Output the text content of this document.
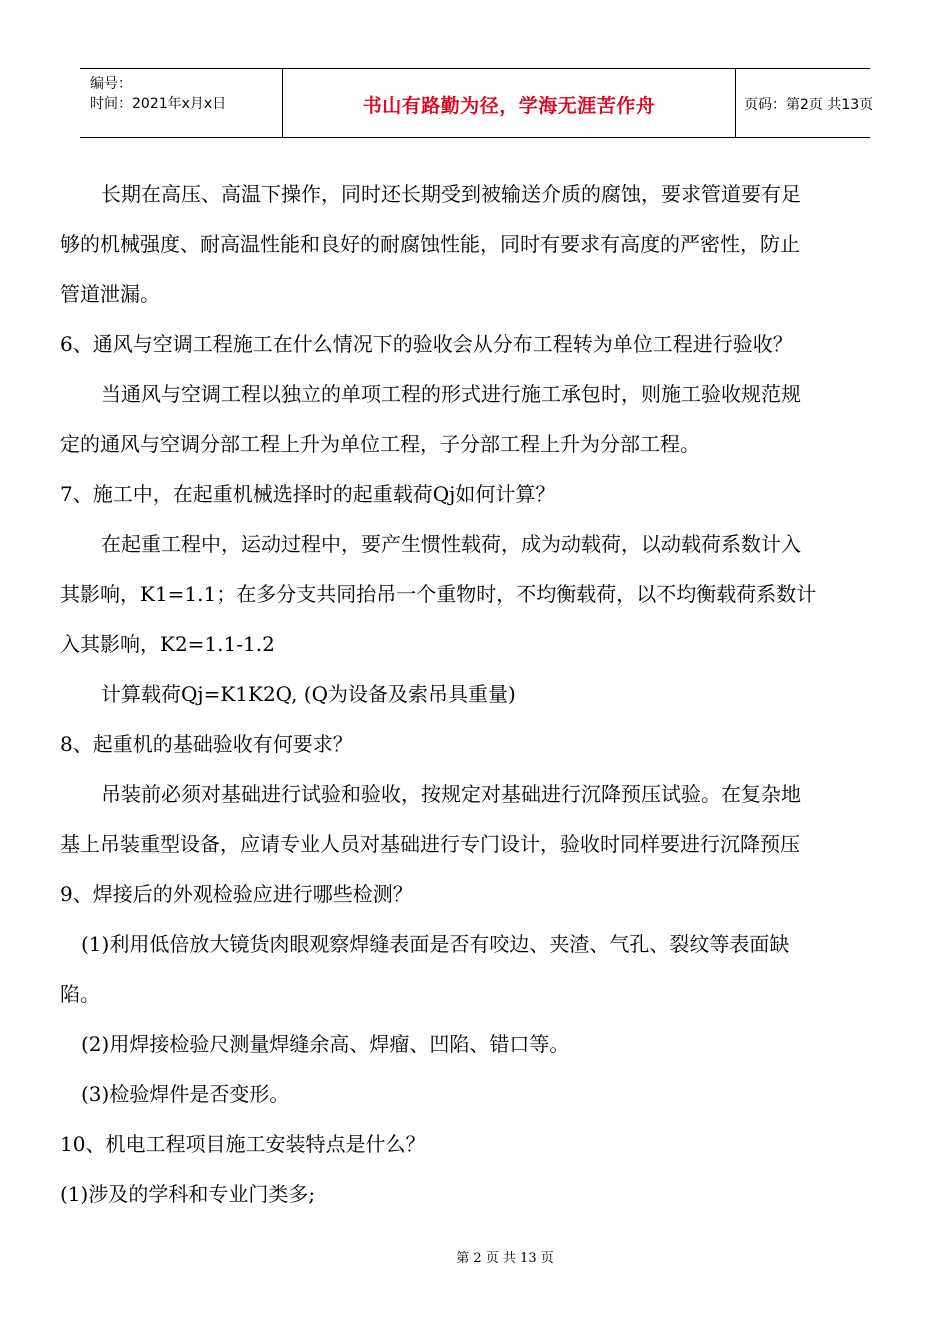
编号：
时间：2021年x月x日	书山有路勤为径，学海无涯苦作舟	页码：第2页 共13页
长期在高压、高温下操作，同时还长期受到被输送介质的腐蚀，要求管道要有足
够的机械强度、耐高温性能和良好的耐腐蚀性能，同时有要求有高度的严密性，防止
管道泄漏。
6、通风与空调工程施工在什么情况下的验收会从分布工程转为单位工程进行验收？
当通风与空调工程以独立的单项工程的形式进行施工承包时，则施工验收规范规
定的通风与空调分部工程上升为单位工程，子分部工程上升为分部工程。
7、施工中，在起重机械选择时的起重载荷Qj如何计算？
在起重工程中，运动过程中，要产生惯性载荷，成为动载荷，以动载荷系数计入
其影响，K1=1.1；在多分支共同抬吊一个重物时，不均衡载荷，以不均衡载荷系数计
入其影响，K2=1.1-1.2
计算载荷Qj=K1K2Q, (Q为设备及索吊具重量)
8、起重机的基础验收有何要求？
吊装前必须对基础进行试验和验收，按规定对基础进行沉降预压试验。在复杂地
基上吊装重型设备，应请专业人员对基础进行专门设计，验收时同样要进行沉降预压
9、焊接后的外观检验应进行哪些检测？
(1)利用低倍放大镜货肉眼观察焊缝表面是否有咬边、夹渣、气孔、裂纹等表面缺
陷。
(2)用焊接检验尺测量焊缝余高、焊瘤、凹陷、错口等。
(3)检验焊件是否变形。
10、机电工程项目施工安装特点是什么？
(1)涉及的学科和专业门类多;
第 2 页 共 13 页
